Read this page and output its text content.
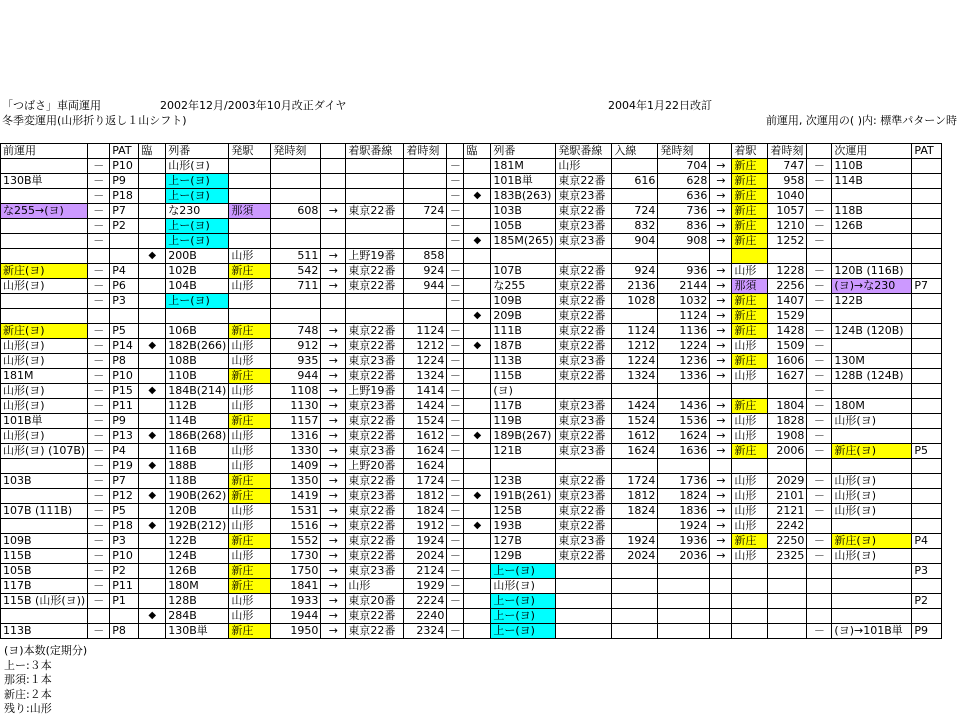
「つばさ」車両運用	2002年12月/2003年10月改正ダイヤ	2004年1月22日改訂
冬季変運用(山形折り返し１山シフト)	前運用, 次運用の( )内: 標準パターン時
前運用		PAT	臨	列番	発駅	発時刻		着駅番線	着時刻		臨	列番	発駅番線	入線	発時刻		着駅	着時刻		次運用	PAT
	－	P10		山形(ヨ)						－		181M	山形		704	→	新庄	747	－	110B	
130B単	－	P9		上ー(ヨ)						－		101B単	東京22番	616	628	→	新庄	958	－	114B	
	－	P18		上ー(ヨ)						－	◆	183B(263)	東京23番		636	→	新庄	1040			
な255→(ヨ)	－	P7		な230	那須	608	→	東京22番	724	－		103B	東京22番	724	736	→	新庄	1057	－	118B	
	－	P2		上ー(ヨ)						－		105B	東京23番	832	836	→	新庄	1210	－	126B	
	－			上ー(ヨ)						－	◆	185M(265)	東京23番	904	908	→	新庄	1252	－		
			◆	200B	山形	511	→	上野19番	858												
新庄(ヨ)	－	P4		102B	新庄	542	→	東京22番	924	－		107B	東京22番	924	936	→	山形	1228	－	120B (116B)	
山形(ヨ)	－	P6		104B	山形	711	→	東京22番	944	－		な255	東京22番	2136	2144	→	那須	2256	－	(ヨ)→な230	P7
	－	P3		上ー(ヨ)						－		109B	東京22番	1028	1032	→	新庄	1407	－	122B	
											◆	209B	東京22番		1124	→	新庄	1529			
新庄(ヨ)	－	P5		106B	新庄	748	→	東京22番	1124	－		111B	東京22番	1124	1136	→	新庄	1428	－	124B (120B)	
山形(ヨ)	－	P14	◆	182B(266)	山形	912	→	東京22番	1212	－	◆	187B	東京22番	1212	1224	→	山形	1509	－		
山形(ヨ)	－	P8		108B	山形	935	→	東京23番	1224	－		113B	東京23番	1224	1236	→	新庄	1606	－	130M	
181M	－	P10		110B	新庄	944	→	東京22番	1324	－		115B	東京22番	1324	1336	→	山形	1627	－	128B (124B)	
山形(ヨ)	－	P15	◆	184B(214)	山形	1108	→	上野19番	1414	－		(ヨ)							－		
山形(ヨ)	－	P11		112B	山形	1130	→	東京23番	1424	－		117B	東京23番	1424	1436	→	新庄	1804	－	180M	
101B単	－	P9		114B	新庄	1157	→	東京22番	1524	－		119B	東京23番	1524	1536	→	山形	1828	－	山形(ヨ)	
山形(ヨ)	－	P13	◆	186B(268)	山形	1316	→	東京22番	1612	－	◆	189B(267)	東京22番	1612	1624	→	山形	1908	－		
山形(ヨ) (107B)	－	P4		116B	山形	1330	→	東京23番	1624	－		121B	東京23番	1624	1636	→	新庄	2006	－	新庄(ヨ)	P5
	－	P19	◆	188B	山形	1409	→	上野20番	1624												
103B	－	P7		118B	新庄	1350	→	東京22番	1724	－		123B	東京22番	1724	1736	→	山形	2029	－	山形(ヨ)	
	－	P12	◆	190B(262)	新庄	1419	→	東京23番	1812	－	◆	191B(261)	東京23番	1812	1824	→	山形	2101	－	山形(ヨ)	
107B (111B)	－	P5		120B	山形	1531	→	東京22番	1824	－		125B	東京22番	1824	1836	→	山形	2121	－	山形(ヨ)	
	－	P18	◆	192B(212)	山形	1516	→	東京22番	1912	－	◆	193B	東京22番		1924	→	山形	2242			
109B	－	P3		122B	新庄	1552	→	東京22番	1924	－		127B	東京23番	1924	1936	→	新庄	2250	－	新庄(ヨ)	P4
115B	－	P10		124B	山形	1730	→	東京22番	2024	－		129B	東京22番	2024	2036	→	山形	2325	－	山形(ヨ)	
105B	－	P2		126B	新庄	1750	→	東京23番	2124	－		上ー(ヨ)									P3
117B	－	P11		180M	新庄	1841	→	山形	1929	－		山形(ヨ)									
115B (山形(ヨ))	－	P1		128B	山形	1933	→	東京20番	2224	－		上ー(ヨ)									P2
			◆	284B	山形	1944	→	東京22番	2240			上ー(ヨ)									
113B	－	P8		130B単	新庄	1950	→	東京22番	2324	－		上ー(ヨ)							－	(ヨ)→101B単	P9
(ヨ)本数(定期分)
上ー:３本
那須:１本
新庄:２本
残り:山形
